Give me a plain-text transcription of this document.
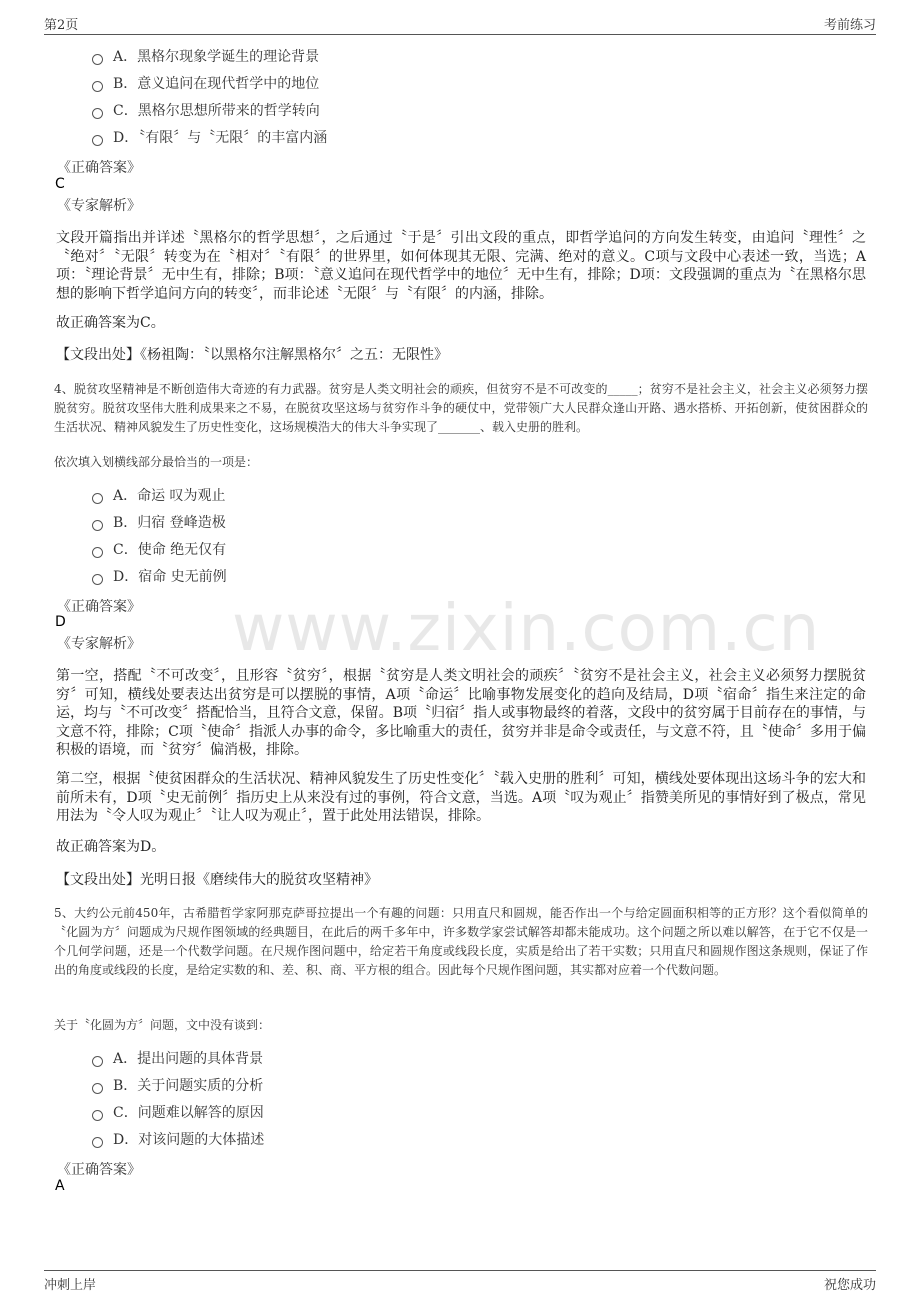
第2页	考前练习
www.zixin.com.cn
A．黑格尔现象学诞生的理论背景
B．意义追问在现代哲学中的地位
C．黑格尔思想所带来的哲学转向
D．〝有限〞与〝无限〞的丰富内涵
《正确答案》
C
《专家解析》
文段开篇指出并详述〝黑格尔的哲学思想〞，之后通过〝于是〞引出文段的重点，即哲学追问的方向发生转变，由追问〝理性〞之〝绝对〞〝无限〞转变为在〝相对〞〝有限〞的世界里，如何体现其无限、完满、绝对的意义。C项与文段中心表述一致，当选；A项：〝理论背景〞无中生有，排除；B项：〝意义追问在现代哲学中的地位〞无中生有，排除；D项：文段强调的重点为〝在黑格尔思想的影响下哲学追问方向的转变〞，而非论述〝无限〞与〝有限〞的内涵，排除。
故正确答案为C。
【文段出处】《杨祖陶：〝以黑格尔注解黑格尔〞之五：无限性》
4、脱贫攻坚精神是不断创造伟大奇迹的有力武器。贫穷是人类文明社会的顽疾，但贫穷不是不可改变的_____；贫穷不是社会主义，社会主义必须努力摆脱贫穷。脱贫攻坚伟大胜利成果来之不易，在脱贫攻坚这场与贫穷作斗争的硬仗中，党带领广大人民群众逢山开路、遇水搭桥、开拓创新，使贫困群众的生活状况、精神风貌发生了历史性变化，这场规模浩大的伟大斗争实现了_______、载入史册的胜利。
依次填入划横线部分最恰当的一项是：
A．命运 叹为观止
B．归宿 登峰造极
C．使命 绝无仅有
D．宿命 史无前例
《正确答案》
D
《专家解析》
第一空，搭配〝不可改变〞，且形容〝贫穷〞，根据〝贫穷是人类文明社会的顽疾〞〝贫穷不是社会主义，社会主义必须努力摆脱贫穷〞可知，横线处要表达出贫穷是可以摆脱的事情，A项〝命运〞比喻事物发展变化的趋向及结局，D项〝宿命〞指生来注定的命运，均与〝不可改变〞搭配恰当，且符合文意，保留。B项〝归宿〞指人或事物最终的着落，文段中的贫穷属于目前存在的事情，与文意不符，排除；C项〝使命〞指派人办事的命令，多比喻重大的责任，贫穷并非是命令或责任，与文意不符，且〝使命〞多用于偏积极的语境，而〝贫穷〞偏消极，排除。
第二空，根据〝使贫困群众的生活状况、精神风貌发生了历史性变化〞〝载入史册的胜利〞可知，横线处要体现出这场斗争的宏大和前所未有，D项〝史无前例〞指历史上从来没有过的事例，符合文意，当选。A项〝叹为观止〞指赞美所见的事情好到了极点，常见用法为〝令人叹为观止〞〝让人叹为观止〞，置于此处用法错误，排除。
故正确答案为D。
【文段出处】光明日报《磨续伟大的脱贫攻坚精神》
5、大约公元前450年，古希腊哲学家阿那克萨哥拉提出一个有趣的问题：只用直尺和圆规，能否作出一个与给定圆面积相等的正方形？这个看似简单的〝化圆为方〞问题成为尺规作图领域的经典题目，在此后的两千多年中，许多数学家尝试解答却都未能成功。这个问题之所以难以解答，在于它不仅是一个几何学问题，还是一个代数学问题。在尺规作图问题中，给定若干角度或线段长度，实质是给出了若干实数；只用直尺和圆规作图这条规则，保证了作出的角度或线段的长度，是给定实数的和、差、积、商、平方根的组合。因此每个尺规作图问题，其实都对应着一个代数问题。
关于〝化圆为方〞问题，文中没有谈到：
A．提出问题的具体背景
B．关于问题实质的分析
C．问题难以解答的原因
D．对该问题的大体描述
《正确答案》
A
冲刺上岸	祝您成功
